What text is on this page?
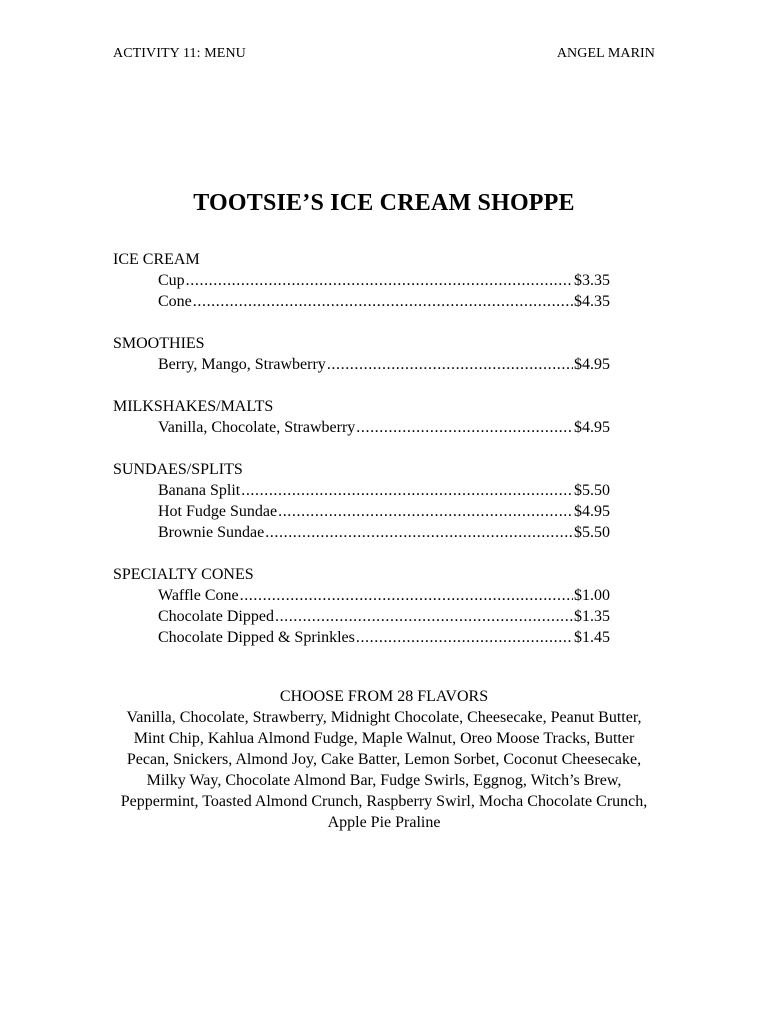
ACTIVITY 11: MENU	ANGEL MARIN
TOOTSIE’S ICE CREAM SHOPPE
ICE CREAM
Cup .....	$3.35
Cone .....	$4.35
SMOOTHIES
Berry, Mango, Strawberry .....	$4.95
MILKSHAKES/MALTS
Vanilla, Chocolate, Strawberry .....	$4.95
SUNDAES/SPLITS
Banana Split .....	$5.50
Hot Fudge Sundae .....	$4.95
Brownie Sundae .....	$5.50
SPECIALTY CONES
Waffle Cone .....	$1.00
Chocolate Dipped .....	$1.35
Chocolate Dipped & Sprinkles .....	$1.45
CHOOSE FROM 28 FLAVORS
Vanilla, Chocolate, Strawberry, Midnight Chocolate, Cheesecake, Peanut Butter, Mint Chip, Kahlua Almond Fudge, Maple Walnut, Oreo Moose Tracks, Butter Pecan, Snickers, Almond Joy, Cake Batter, Lemon Sorbet, Coconut Cheesecake, Milky Way, Chocolate Almond Bar, Fudge Swirls, Eggnog, Witch’s Brew, Peppermint, Toasted Almond Crunch, Raspberry Swirl, Mocha Chocolate Crunch, Apple Pie Praline
